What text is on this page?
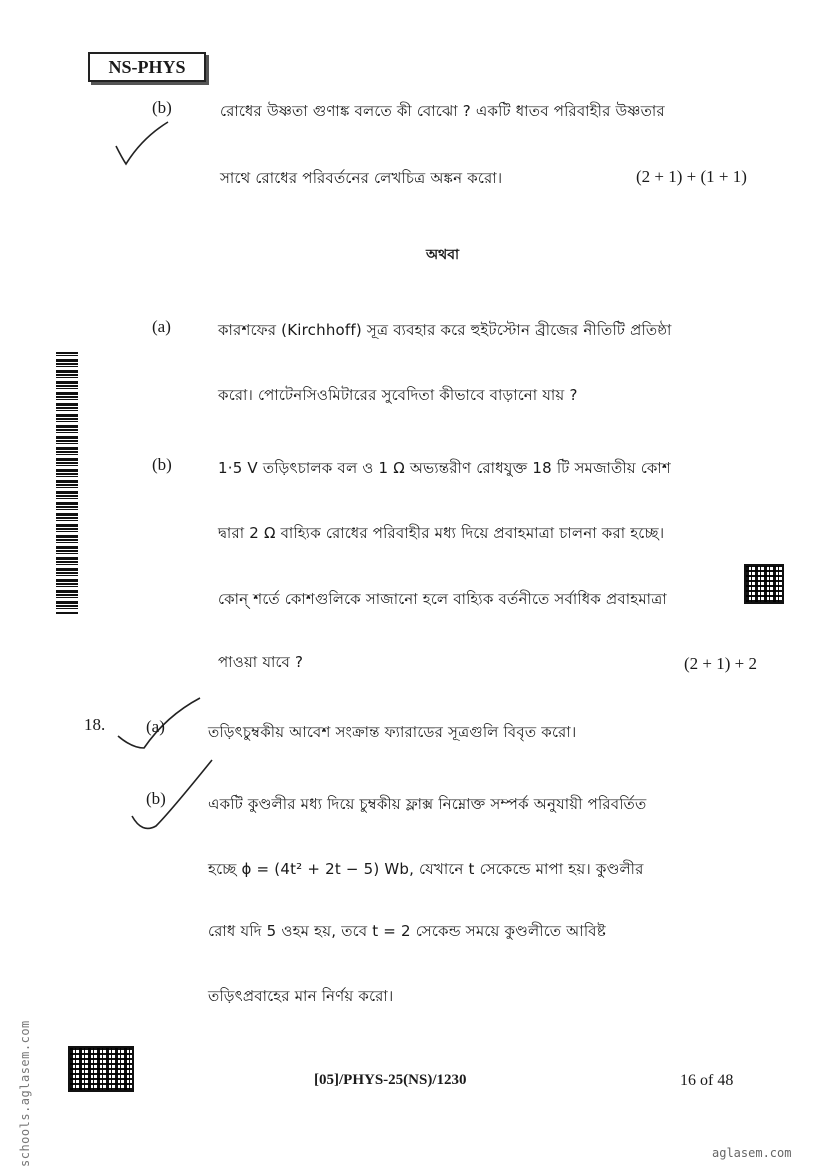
NS-PHYS
(b)	রোধের উষ্ণতা গুণাঙ্ক বলতে কী বোঝো ? একটি ধাতব পরিবাহীর উষ্ণতার
সাথে রোধের পরিবর্তনের লেখচিত্র অঙ্কন করো।	(2 + 1) + (1 + 1)
অথবা
(a)	কারশফের (Kirchhoff) সূত্র ব্যবহার করে হুইটস্টোন ব্রীজের নীতিটি প্রতিষ্ঠা
করো। পোটেনসিওমিটারের সুবেদিতা কীভাবে বাড়ানো যায় ?
(b)	1·5 V তড়িৎচালক বল ও 1 Ω অভ্যন্তরীণ রোধযুক্ত 18 টি সমজাতীয় কোশ
দ্বারা 2 Ω বাহ্যিক রোধের পরিবাহীর মধ্য দিয়ে প্রবাহমাত্রা চালনা করা হচ্ছে।
কোন্ শর্তে কোশগুলিকে সাজানো হলে বাহ্যিক বর্তনীতে সর্বাধিক প্রবাহমাত্রা
পাওয়া যাবে ?	(2 + 1) + 2
18. (a)	তড়িৎচুম্বকীয় আবেশ সংক্রান্ত ফ্যারাডের সূত্রগুলি বিবৃত করো।
(b)	একটি কুণ্ডলীর মধ্য দিয়ে চুম্বকীয় ফ্লাক্স নিম্নোক্ত সম্পর্ক অনুযায়ী পরিবর্তিত
হচ্ছে ϕ = (4t² + 2t − 5) Wb, যেখানে t সেকেন্ডে মাপা হয়। কুণ্ডলীর
রোধ যদি 5 ওহম হয়, তবে t = 2 সেকেন্ড সময়ে কুণ্ডলীতে আবিষ্ট
তড়িৎপ্রবাহের মান নির্ণয় করো।
[05]/PHYS-25(NS)/1230	16 of 48
schools.aglasem.com	aglasem.com
